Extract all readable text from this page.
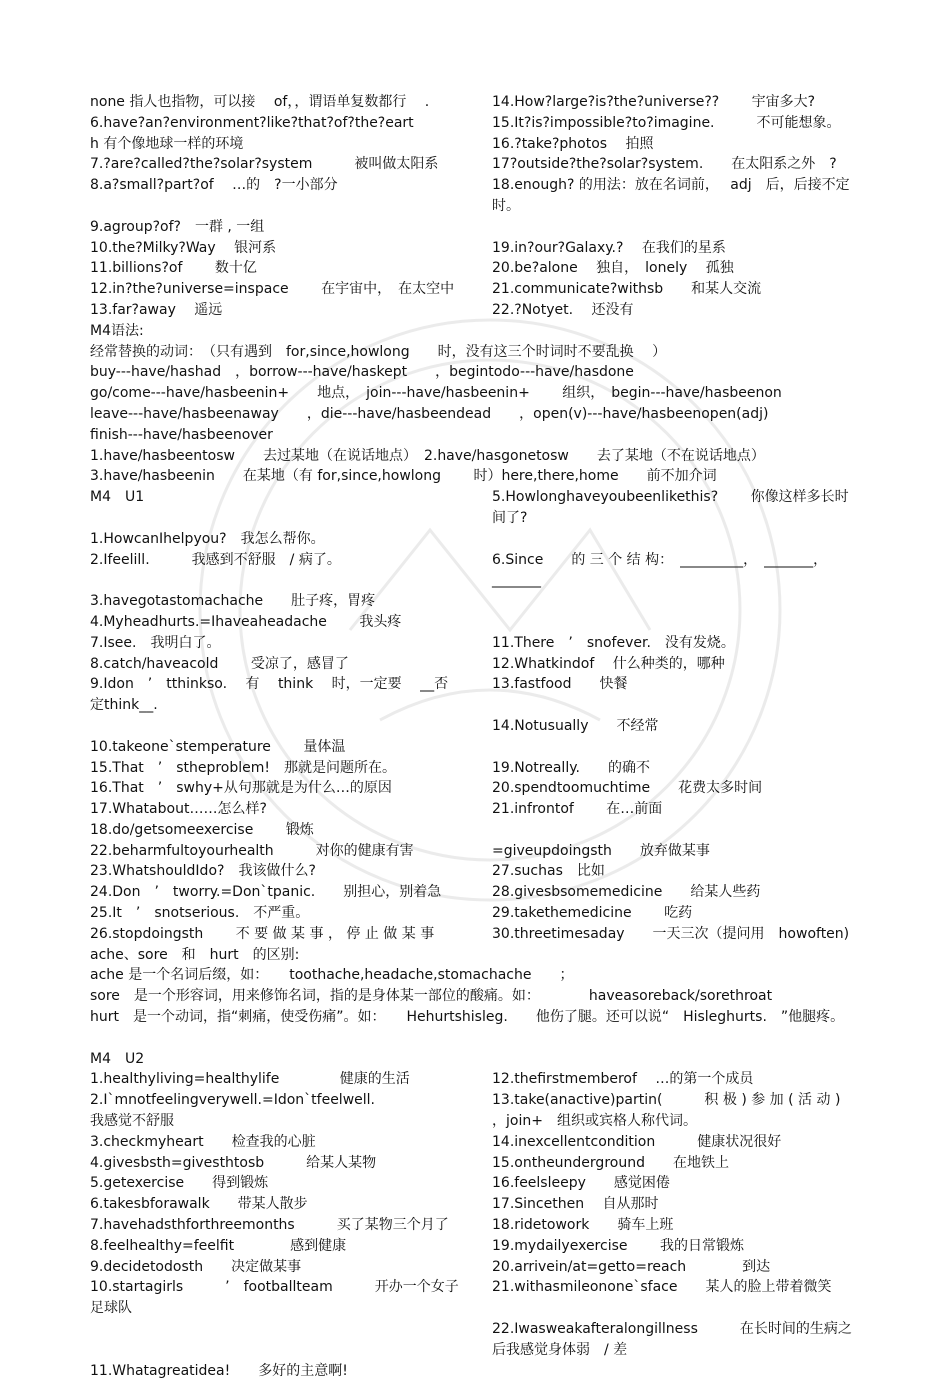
none 指人也指物，可以接　 of，，谓语单复数都行　 .	14.How?large?is?the?universe??　　 宇宙多大?
6.have?an?environment?like?that?of?the?eart	15.It?is?impossible?to?imagine.　　　不可能想象。
h 有个像地球一样的环境	16.?take?photos　 拍照
7.?are?called?the?solar?system　　　被叫做太阳系	17?outside?the?solar?system.　　在太阳系之外　?
8.a?small?part?of　 …的　?一小部分	18.enough? 的用法：放在名词前，　 adj　后，后接不定时。
9.agroup?of?　一群 , 一组
10.the?Milky?Way　 银河系	19.in?our?Galaxy.?　 在我们的星系
11.billions?of　　 数十亿	20.be?alone　 独自，　lonely　 孤独
12.in?the?universe=inspace　　 在宇宙中，　在太空中	21.communicate?withsb　　和某人交流
13.far?away　 遥远	22.?Notyet.　 还没有
M4语法:
经常替换的动词：　（只有遇到　for,since,howlong　　时，没有这三个时词时不要乱换　 ）
buy---have/hashad　，borrow---have/haskept　　，begintodo---have/hasdone
go/come---have/hasbeenin+　　地点，　join---have/hasbeenin+　　 组织，　begin---have/hasbeenon
leave---have/hasbeenaway　　，die---have/hasbeendead　　，open(v)---have/hasbeenopen(adj)
finish---have/hasbeenover
1.have/hasbeentosw　　去过某地（在说话地点）　2.have/hasgonetosw　　去了某地（不在说话地点）
3.have/hasbeenin　　在某地（有 for,since,howlong　　 时）here,there,home　　前不加介词
M4　U1	5.Howlonghaveyoubeenlikethis?　　 你像这样多长时间了?
1.HowcanIhelpyou?　我怎么帮你。
2.Ifeelill.　　　我感到不舒服　/ 病了。	6.Since　　的 三 个 结 构：　_________，　_______，_______
3.havegotastomachache　　肚子疼，胃疼
4.Myheadhurts.=Ihaveaheadache　　 我头疼
7.Isee.　我明白了。	11.There　’　snofever.　没有发烧。
8.catch/haveacold　　 受凉了，感冒了	12.Whatkindof　 什么种类的，哪种
9.Idon　’　tthinkso.　 有　 think　 时，一定要　 __否定think__.
13.fastfood　　快餐
14.Notusually　　不经常
10.takeone`stemperature　　 量体温
15.That　’　stheproblem!　那就是问题所在。	19.Notreally.　　的确不
16.That　’　swhy+从句那就是为什么…的原因	20.spendtoomuchtime　　花费太多时间
17.Whatabout……怎么样?	21.infrontof　　 在…前面
18.do/getsomeexercise　　 锻炼
22.beharmfultoyourhealth　　　对你的健康有害	=giveupdoingsth　　放弃做某事
23.WhatshouldIdo?　我该做什么?	27.suchas　比如
24.Don　’　tworry.=Don`tpanic.　　别担心，别着急	28.givesbsomemedicine　　给某人些药
25.It　’　snotserious.　不严重。	29.takethemedicine　　 吃药
26.stopdoingsth　　 不 要 做 某 事 ， 停 止 做 某 事	30.threetimesaday　　一天三次（提问用　howoften)
ache、sore　和　hurt　的区别:
ache 是一个名词后缀，如：　　toothache,headache,stomachache　　；
sore　是一个形容词，用来修饰名词，指的是身体某一部位的酸痛。如：　　　　haveasoreback/sorethroat
hurt　是一个动词，指“刺痛，使受伤痛”。如：　　Hehurtshisleg.　　他伤了腿。还可以说“　Hisleghurts.　”他腿疼。
M4　U2
1.healthyliving=healthylife　　　　 健康的生活	12.thefirstmemberof　 …的第一个成员
2.I`mnotfeelingverywell.=Idon`tfeelwell.　　　　　　　我感觉不舒服
13.take(anactive)partin(　　　积 极 ) 参 加 ( 活 动 ) ，join+　组织或宾格人称代词。
3.checkmyheart　　检查我的心脏	14.inexcellentcondition　　　健康状况很好
4.givesbsth=givesthtosb　　　给某人某物	15.ontheunderground　　在地铁上
5.getexercise　　得到锻炼	16.feelsleepy　　感觉困倦
6.takesbforawalk　　带某人散步	17.Sincethen　 自从那时
7.havehadsthforthreemonths　　　买了某物三个月了	18.ridetowork　　骑车上班
8.feelhealthy=feelfit　　　　感到健康	19.mydailyexercise　　 我的日常锻炼
9.decidetodosth　　决定做某事	20.arrivein/at=getto=reach　　　　到达
10.startagirls　　　’　footballteam　　　开办一个女子足球队
21.withasmileonone`sface　　某人的脸上带着微笑
22.Iwasweakafteralongillness　　　在长时间的生病之后我感觉身体弱　/ 差
11.Whatagreatidea!　　多好的主意啊!
